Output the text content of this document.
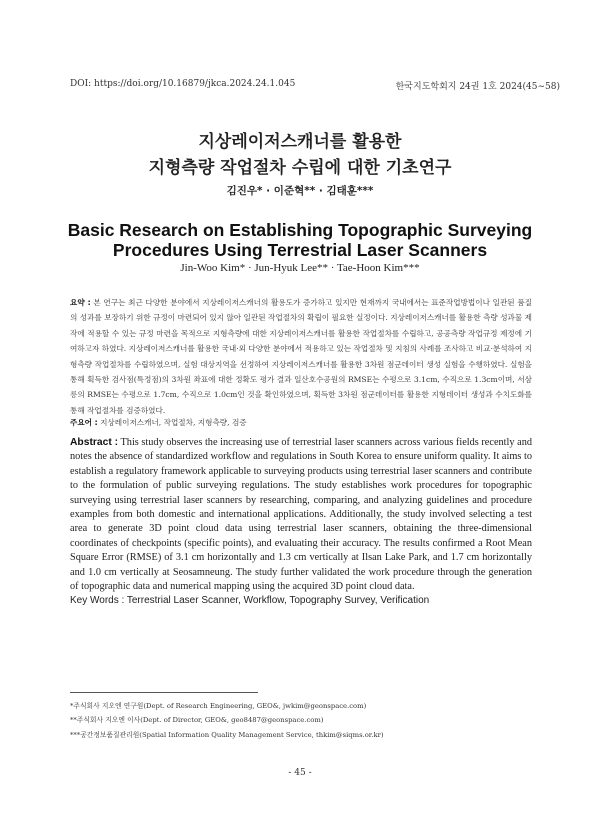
DOI: https://doi.org/10.16879/jkca.2024.24.1.045	한국지도학회지 24권 1호 2024(45∼58)
지상레이저스캐너를 활용한
지형측량 작업절차 수립에 대한 기초연구
김진우* · 이준혁** · 김태훈***
Basic Research on Establishing Topographic Surveying
Procedures Using Terrestrial Laser Scanners
Jin-Woo Kim* · Jun-Hyuk Lee** · Tae-Hoon Kim***

요약 : 본 연구는 최근 다양한 분야에서 지상레이저스캐너의 활용도가 증가하고 있지만 현재까지 국내에서는 표준작업방법이나 일관된 품질의 성과를 보장하기 위한 규정이 마련되어 있지 않아 일관된 작업절차의 확립이 필요한 실정이다. 지상레이저스캐너를 활용한 측량 성과물 제작에 적용할 수 있는 규정 마련을 목적으로 지형측량에 대한 지상레이저스캐너를 활용한 작업절차를 수립하고, 공공측량 작업규정 제정에 기여하고자 하였다. 지상레이저스캐너를 활용한 국내·외 다양한 분야에서 적용하고 있는 작업절차 및 지침의 사례를 조사하고 비교·분석하여 지형측량 작업절차를 수립하였으며, 실험 대상지역을 선정하여 지상레이저스캐너를 활용한 3차원 점군데이터 생성 실험을 수행하였다. 실험을 통해 획득한 검사점(특정점)의 3차원 좌표에 대한 정확도 평가 결과 일산호수공원의 RMSE는 수평으로 3.1cm, 수직으로 1.3cm이며, 서삼릉의 RMSE는 수평으로 1.7cm, 수직으로 1.0cm인 것을 확인하였으며, 획득한 3차원 점군데이터를 활용한 지형데이터 생성과 수치도화를 통해 작업절차를 검증하였다.

주요어 : 지상레이저스캐너, 작업절차, 지형측량, 검증

Abstract : This study observes the increasing use of terrestrial laser scanners across various fields recently and notes the absence of standardized workflow and regulations in South Korea to ensure uniform quality. It aims to establish a regulatory framework applicable to surveying products using terrestrial laser scanners and contribute to the formulation of public surveying regulations. The study establishes work procedures for topographic surveying using terrestrial laser scanners by researching, comparing, and analyzing guidelines and procedure examples from both domestic and international applications. Additionally, the study involved selecting a test area to generate 3D point cloud data using terrestrial laser scanners, obtaining the three-dimensional coordinates of checkpoints (specific points), and evaluating their accuracy. The results confirmed a Root Mean Square Error (RMSE) of 3.1 cm horizontally and 1.3 cm vertically at Ilsan Lake Park, and 1.7 cm horizontally and 1.0 cm vertically at Seosamneung. The study further validated the work procedure through the generation of topographic data and numerical mapping using the acquired 3D point cloud data.

Key Words : Terrestrial Laser Scanner, Workflow, Topography Survey, Verification
*주식회사 지오엔 연구원(Dept. of Research Engineering, GEO&, jwkim@geonspace.com)
**주식회사 지오엔 이사(Dept. of Director, GEO&, geo8487@geonspace.com)
***공간정보품질관리원(Spatial Information Quality Management Service, thkim@siqms.or.kr)
- 45 -
